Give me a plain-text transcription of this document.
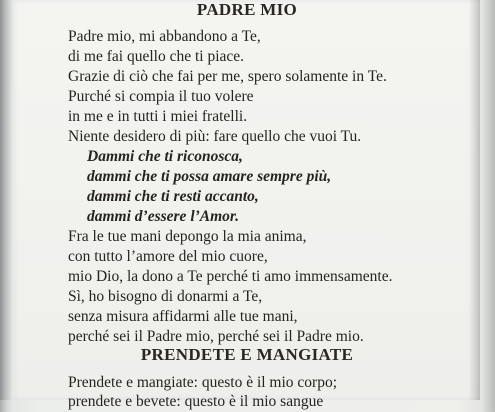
PADRE MIO
Padre mio, mi abbandono a Te,
di me fai quello che ti piace.
Grazie di ciò che fai per me, spero solamente in Te.
Purché si compia il tuo volere
in me e in tutti i miei fratelli.
Niente desidero di più: fare quello che vuoi Tu.
Dammi che ti riconosca,
dammi che ti possa amare sempre più,
dammi che ti resti accanto,
dammi d’essere l’Amor.
Fra le tue mani depongo la mia anima,
con tutto l’amore del mio cuore,
mio Dio, la dono a Te perché ti amo immensamente.
Sì, ho bisogno di donarmi a Te,
senza misura affidarmi alle tue mani,
perché sei il Padre mio, perché sei il Padre mio.
PRENDETE E MANGIATE
Prendete e mangiate: questo è il mio corpo;
prendete e bevete: questo è il mio sangue
